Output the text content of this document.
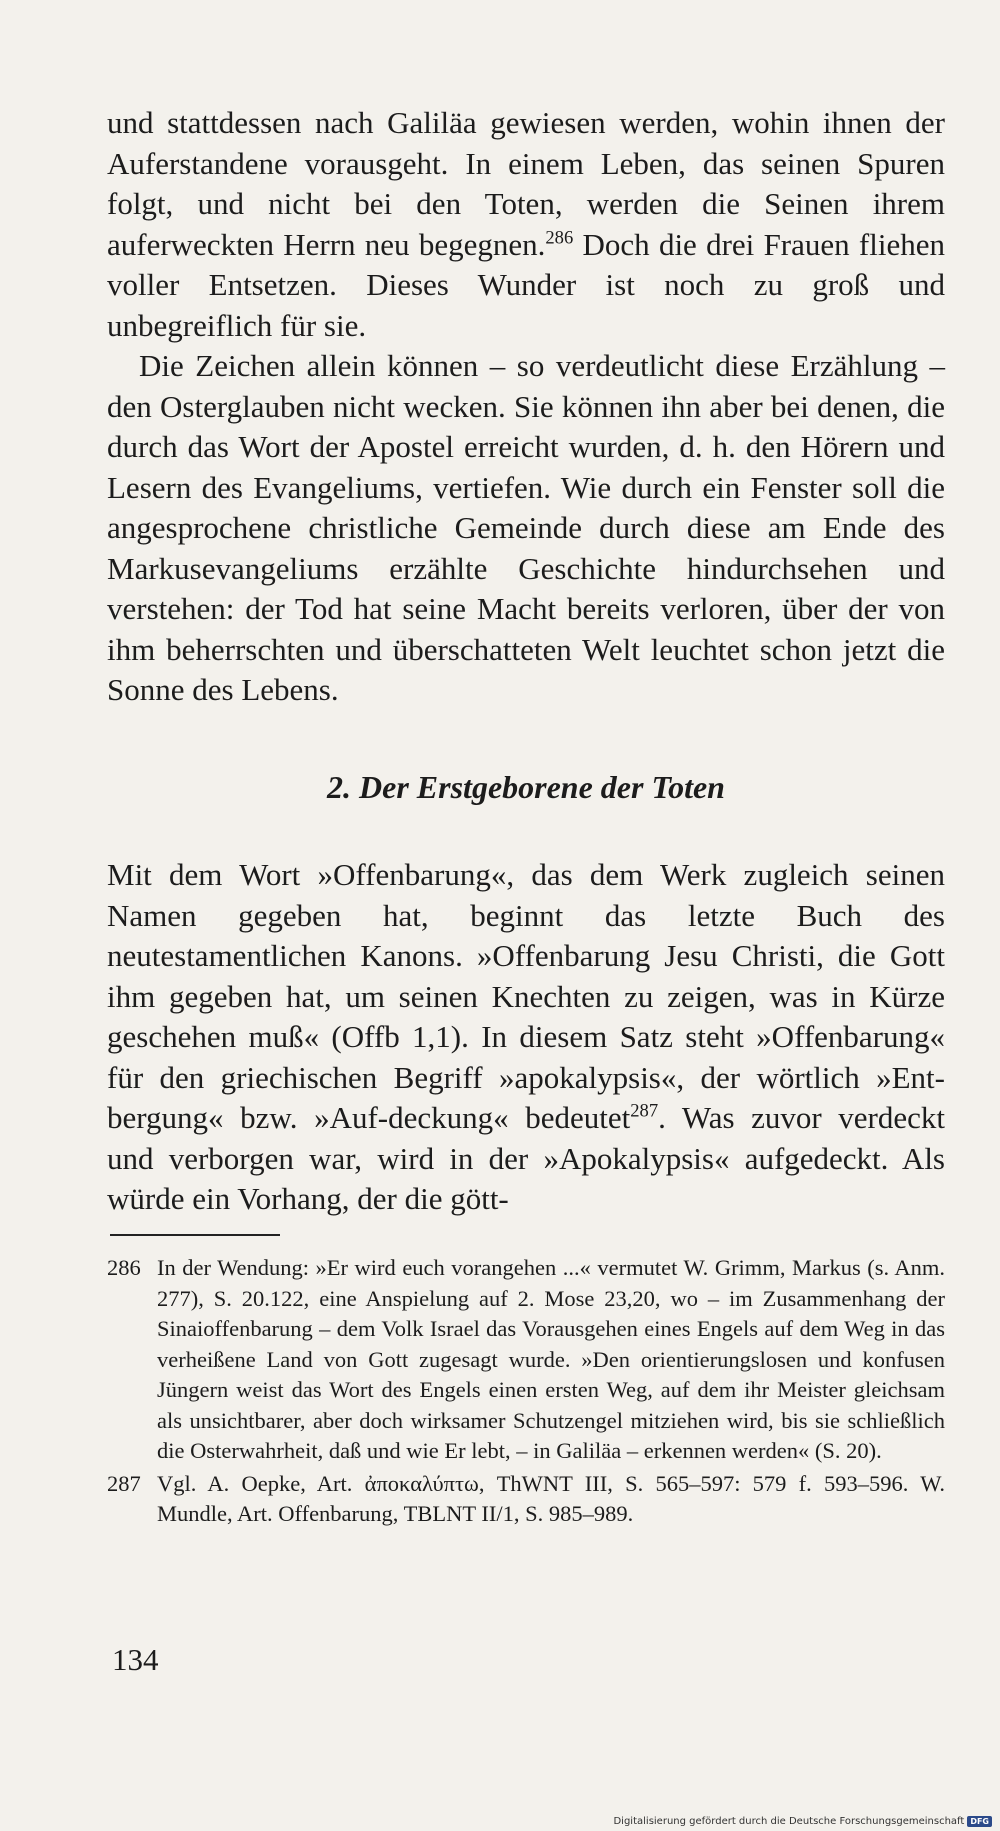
und stattdessen nach Galiläa gewiesen werden, wohin ihnen der Auferstandene vorausgeht. In einem Leben, das seinen Spuren folgt, und nicht bei den Toten, werden die Seinen ihrem auferweckten Herrn neu begegnen.$^{286}$ Doch die drei Frauen fliehen voller Entsetzen. Dieses Wunder ist noch zu groß und unbegreiflich für sie.

Die Zeichen allein können – so verdeutlicht diese Erzählung – den Osterglauben nicht wecken. Sie können ihn aber bei denen, die durch das Wort der Apostel erreicht wurden, d. h. den Hörern und Lesern des Evangeliums, vertiefen. Wie durch ein Fenster soll die angesprochene christliche Gemeinde durch diese am Ende des Markusevangeliums erzählte Geschichte hindurchsehen und verstehen: der Tod hat seine Macht bereits verloren, über der von ihm beherrschten und überschatteten Welt leuchtet schon jetzt die Sonne des Lebens.

2. Der Erstgeborene der Toten

Mit dem Wort »Offenbarung«, das dem Werk zugleich seinen Namen gegeben hat, beginnt das letzte Buch des neutestamentlichen Kanons. »Offenbarung Jesu Christi, die Gott ihm gegeben hat, um seinen Knechten zu zeigen, was in Kürze geschehen muß« (Offb 1,1). In diesem Satz steht »Offenbarung« für den griechischen Begriff »apokalypsis«, der wörtlich »Ent-bergung« bzw. »Auf-deckung« bedeutet$^{287}$. Was zuvor verdeckt und verborgen war, wird in der »Apokalypsis« aufgedeckt. Als würde ein Vorhang, der die gött-

286 In der Wendung: »Er wird euch vorangehen ...« vermutet W. Grimm, Markus (s. Anm. 277), S. 20.122, eine Anspielung auf 2. Mose 23,20, wo – im Zusammenhang der Sinaioffenbarung – dem Volk Israel das Vorausgehen eines Engels auf dem Weg in das verheißene Land von Gott zugesagt wurde. »Den orientierungslosen und konfusen Jüngern weist das Wort des Engels einen ersten Weg, auf dem ihr Meister gleichsam als unsichtbarer, aber doch wirksamer Schutzengel mitziehen wird, bis sie schließlich die Osterwahrheit, daß und wie Er lebt, – in Galiläa – erkennen werden« (S. 20).
287 Vgl. A. Oepke, Art. ἀποκαλύπτω, ThWNT III, S. 565–597: 579 f. 593–596. W. Mundle, Art. Offenbarung, TBLNT II/1, S. 985–989.
134
Digitalisierung gefördert durch die Deutsche Forschungsgemeinschaft DFG
